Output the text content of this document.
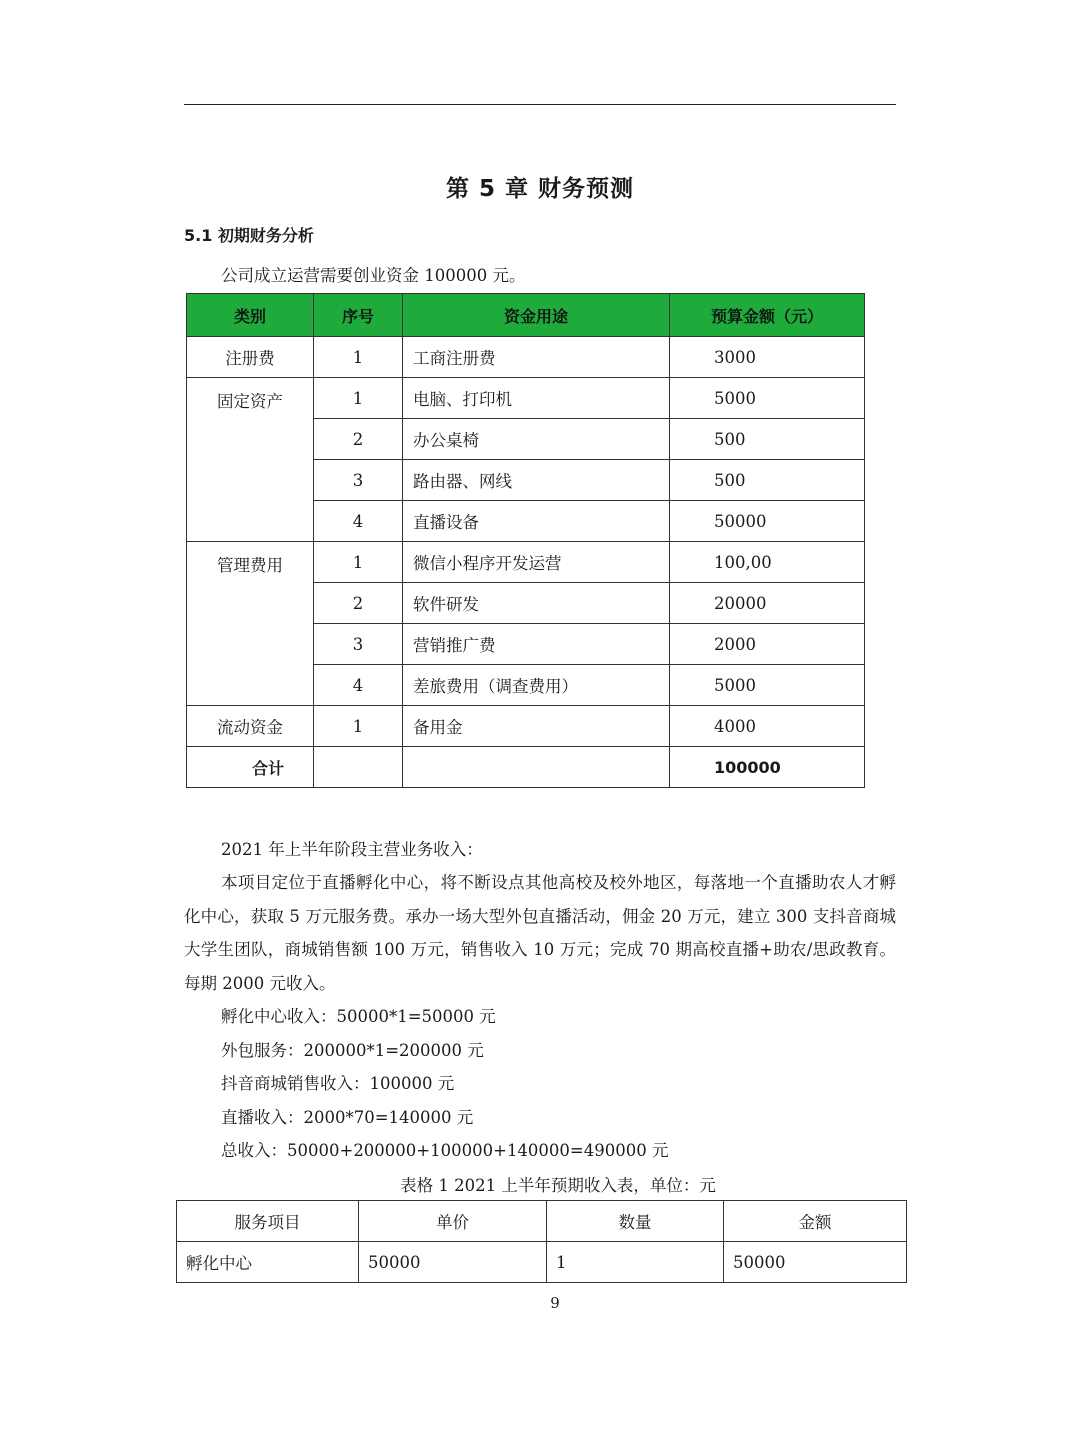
第 5 章 财务预测
5.1 初期财务分析
公司成立运营需要创业资金 100000 元。
类别	序号	资金用途	预算金额（元）
注册费	1	工商注册费	3000
固定资产	1	电脑、打印机	5000
	2	办公桌椅	500
	3	路由器、网线	500
	4	直播设备	50000
管理费用	1	微信小程序开发运营	100,00
	2	软件研发	20000
	3	营销推广费	2000
	4	差旅费用（调查费用）	5000
流动资金	1	备用金	4000
合计			100000
2021 年上半年阶段主营业务收入：

本项目定位于直播孵化中心，将不断设点其他高校及校外地区，每落地一个直播助农人才孵化中心，获取 5 万元服务费。承办一场大型外包直播活动，佣金 20 万元，建立 300 支抖音商城大学生团队，商城销售额 100 万元，销售收入 10 万元；完成 70 期高校直播+助农/思政教育。每期 2000 元收入。

孵化中心收入：50000*1=50000 元

外包服务：200000*1=200000 元

抖音商城销售收入：100000 元

直播收入：2000*70=140000 元

总收入：50000+200000+100000+140000=490000 元

表格 1 2021 上半年预期收入表，单位：元
服务项目	单价	数量	金额
孵化中心	50000	1	50000
9
